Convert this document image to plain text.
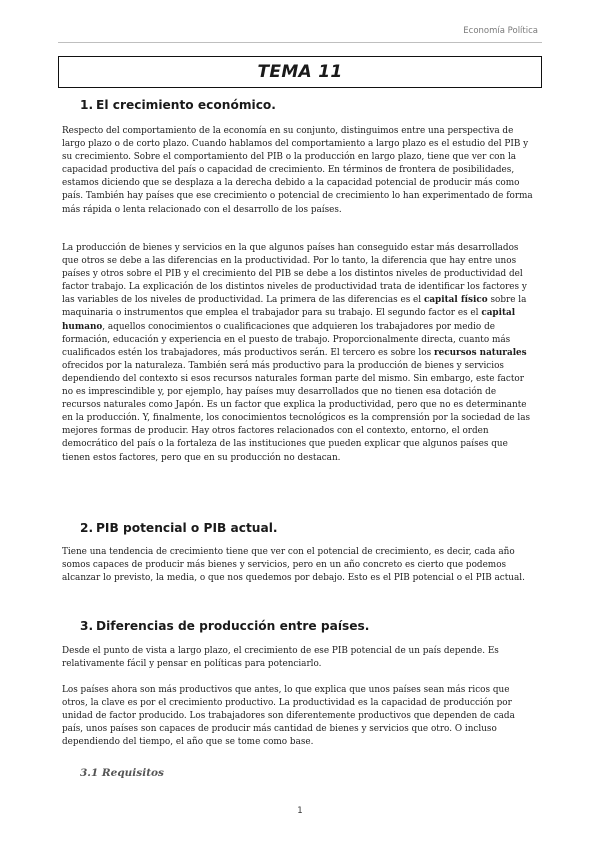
Economía Política
TEMA 11
1. El crecimiento económico.

Respecto del comportamiento de la economía en su conjunto, distinguimos entre una perspectiva de largo plazo o de corto plazo. Cuando hablamos del comportamiento a largo plazo es el estudio del PIB y su crecimiento. Sobre el comportamiento del PIB o la producción en largo plazo, tiene que ver con la capacidad productiva del país o capacidad de crecimiento. En términos de frontera de posibilidades, estamos diciendo que se desplaza a la derecha debido a la capacidad potencial de producir más como país. También hay países que ese crecimiento o potencial de crecimiento lo han experimentado de forma más rápida o lenta relacionado con el desarrollo de los países.

La producción de bienes y servicios en la que algunos países han conseguido estar más desarrollados que otros se debe a las diferencias en la productividad. Por lo tanto, la diferencia que hay entre unos países y otros sobre el PIB y el crecimiento del PIB se debe a los distintos niveles de productividad del factor trabajo. La explicación de los distintos niveles de productividad trata de identificar los factores y las variables de los niveles de productividad. La primera de las diferencias es el capital físico sobre la maquinaria o instrumentos que emplea el trabajador para su trabajo. El segundo factor es el capital humano, aquellos conocimientos o cualificaciones que adquieren los trabajadores por medio de formación, educación y experiencia en el puesto de trabajo. Proporcionalmente directa, cuanto más cualificados estén los trabajadores, más productivos serán. El tercero es sobre los recursos naturales ofrecidos por la naturaleza. También será más productivo para la producción de bienes y servicios dependiendo del contexto si esos recursos naturales forman parte del mismo. Sin embargo, este factor no es imprescindible y, por ejemplo, hay países muy desarrollados que no tienen esa dotación de recursos naturales como Japón. Es un factor que explica la productividad, pero que no es determinante en la producción. Y, finalmente, los conocimientos tecnológicos es la comprensión por la sociedad de las mejores formas de producir. Hay otros factores relacionados con el contexto, entorno, el orden democrático del país o la fortaleza de las instituciones que pueden explicar que algunos países que tienen estos factores, pero que en su producción no destacan.

2. PIB potencial o PIB actual.

Tiene una tendencia de crecimiento tiene que ver con el potencial de crecimiento, es decir, cada año somos capaces de producir más bienes y servicios, pero en un año concreto es cierto que podemos alcanzar lo previsto, la media, o que nos quedemos por debajo. Esto es el PIB potencial o el PIB actual.

3. Diferencias de producción entre países.

Desde el punto de vista a largo plazo, el crecimiento de ese PIB potencial de un país depende. Es relativamente fácil y pensar en políticas para potenciarlo.

Los países ahora son más productivos que antes, lo que explica que unos países sean más ricos que otros, la clave es por el crecimiento productivo. La productividad es la capacidad de producción por unidad de factor producido. Los trabajadores son diferentemente productivos que dependen de cada país, unos países son capaces de producir más cantidad de bienes y servicios que otro. O incluso dependiendo del tiempo, el año que se tome como base.

3.1 Requisitos
1
